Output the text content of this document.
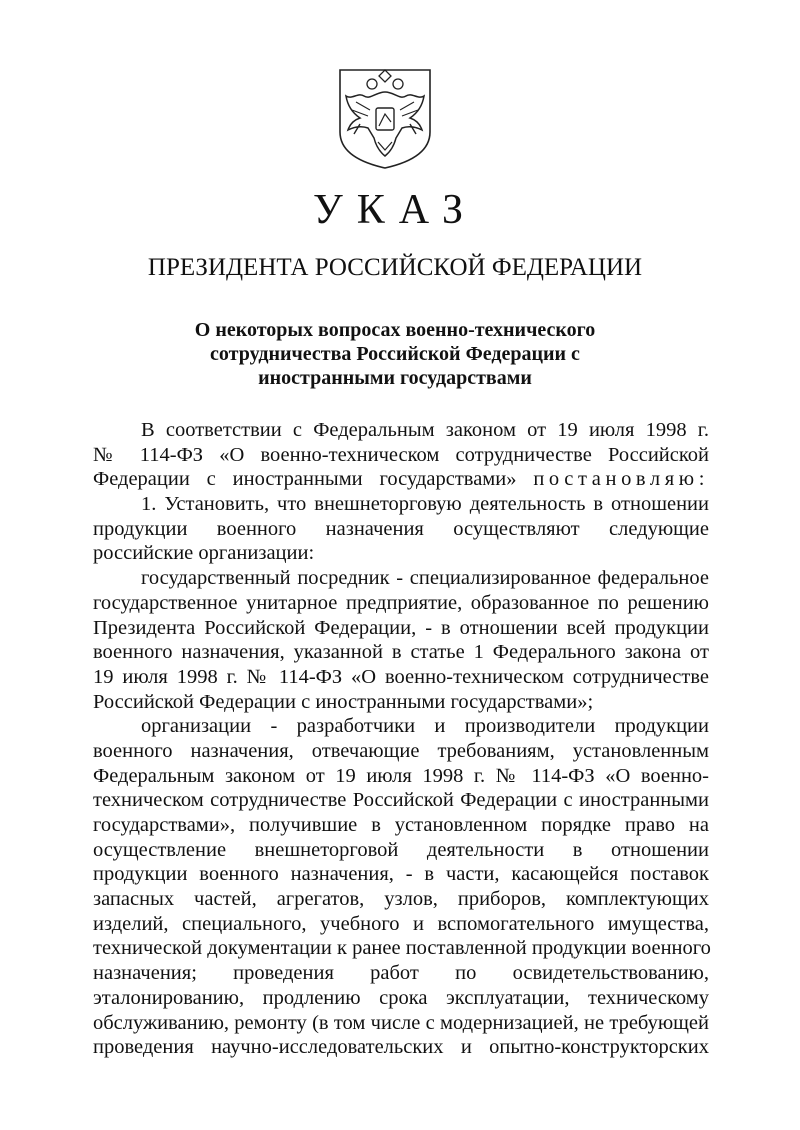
УКАЗ
ПРЕЗИДЕНТА РОССИЙСКОЙ ФЕДЕРАЦИИ
О некоторых вопросах военно-технического
сотрудничества Российской Федерации с
иностранными государствами
В соответствии с Федеральным законом от 19 июля 1998 г.
№ 114-ФЗ «О военно-техническом сотрудничестве Российской
Федерации с иностранными государствами» постановляю:
1. Установить, что внешнеторговую деятельность в отношении
продукции военного назначения осуществляют следующие
российские организации:
государственный посредник - специализированное федеральное
государственное унитарное предприятие, образованное по решению
Президента Российской Федерации, - в отношении всей продукции
военного назначения, указанной в статье 1 Федерального закона от
19 июля 1998 г. № 114-ФЗ «О военно-техническом сотрудничестве
Российской Федерации с иностранными государствами»;
организации - разработчики и производители продукции
военного назначения, отвечающие требованиям, установленным
Федеральным законом от 19 июля 1998 г. № 114-ФЗ «О военно-
техническом сотрудничестве Российской Федерации с иностранными
государствами», получившие в установленном порядке право на
осуществление внешнеторговой деятельности в отношении
продукции военного назначения, - в части, касающейся поставок
запасных частей, агрегатов, узлов, приборов, комплектующих
изделий, специального, учебного и вспомогательного имущества,
технической документации к ранее поставленной продукции военного
назначения; проведения работ по освидетельствованию,
эталонированию, продлению срока эксплуатации, техническому
обслуживанию, ремонту (в том числе с модернизацией, не требующей
проведения научно-исследовательских и опытно-конструкторских
